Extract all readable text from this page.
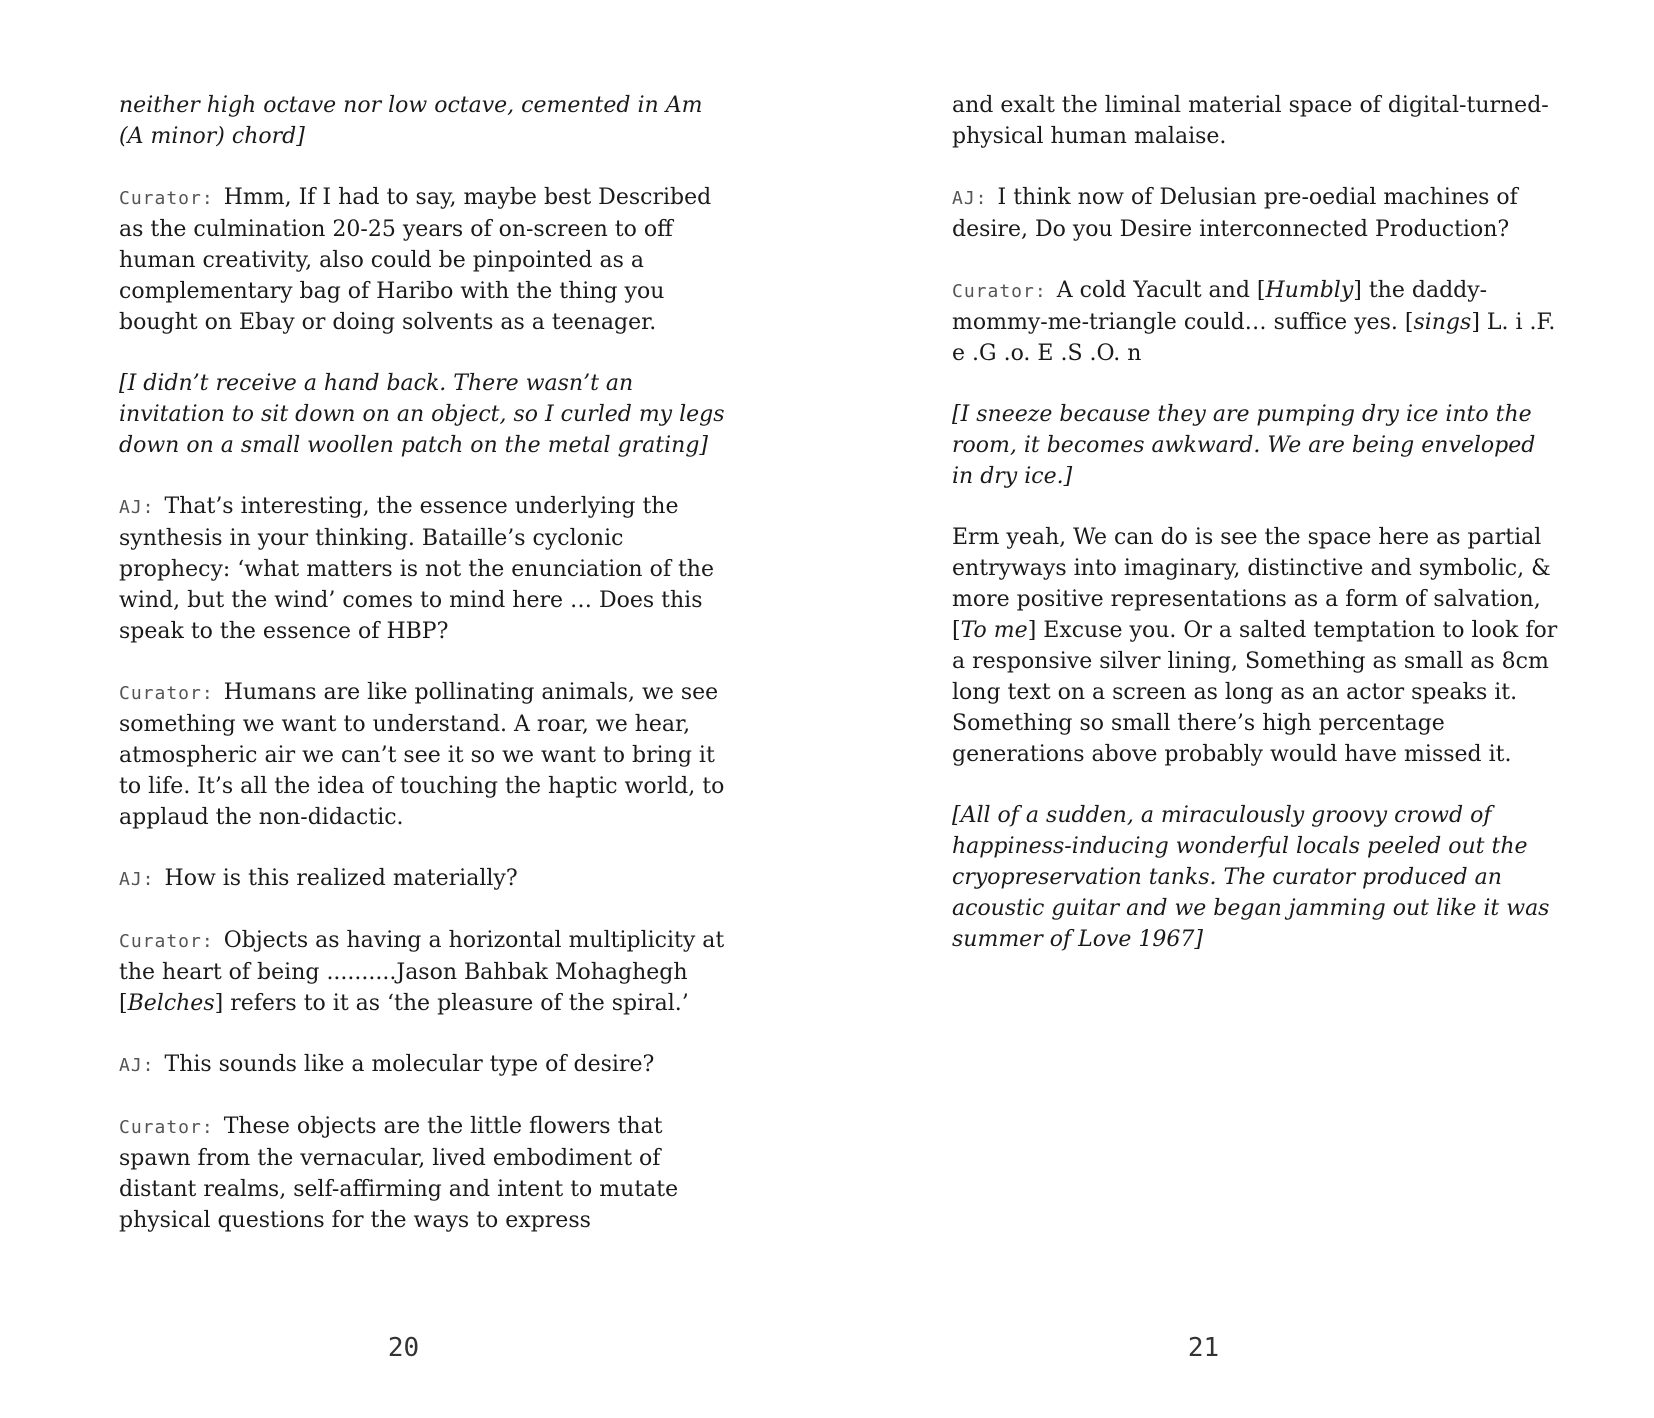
neither high octave nor low octave, cemented in Am (A minor) chord]

Curator: Hmm, If I had to say, maybe best Described as the culmination 20-25 years of on-screen to off human creativity, also could be pinpointed as a complementary bag of Haribo with the thing you bought on Ebay or doing solvents as a teenager.

[I didn’t receive a hand back. There wasn’t an invitation to sit down on an object, so I curled my legs down on a small woollen patch on the metal grating]

AJ: That’s interesting, the essence underlying the synthesis in your thinking. Bataille’s cyclonic prophecy: ‘what matters is not the enunciation of the wind, but the wind’ comes to mind here … Does this speak to the essence of HBP?

Curator: Humans are like pollinating animals, we see something we want to understand. A roar, we hear, atmospheric air we can’t see it so we want to bring it to life. It’s all the idea of touching the haptic world, to applaud the non-didactic.

AJ: How is this realized materially?

Curator: Objects as having a horizontal multiplicity at the heart of being ..........Jason Bahbak Mohaghegh [Belches] refers to it as ‘the pleasure of the spiral.’

AJ: This sounds like a molecular type of desire?

Curator: These objects are the little flowers that spawn from the vernacular, lived embodiment of distant realms, self-affirming and intent to mutate physical questions for the ways to express

20

and exalt the liminal material space of digital-turned-physical human malaise.

AJ: I think now of Delusian pre-oedial machines of desire, Do you Desire interconnected Production?

Curator: A cold Yacult and [Humbly] the daddy-mommy-me-triangle could… suffice yes. [sings] L. i .F. e .G .o. E .S .O. n

[I sneeze because they are pumping dry ice into the room, it becomes awkward. We are being enveloped in dry ice.]

Erm yeah, We can do is see the space here as partial entryways into imaginary, distinctive and symbolic, & more positive representations as a form of salvation, [To me] Excuse you. Or a salted temptation to look for a responsive silver lining, Something as small as 8cm long text on a screen as long as an actor speaks it. Something so small there’s high percentage generations above probably would have missed it.

[All of a sudden, a miraculously groovy crowd of happiness-inducing wonderful locals peeled out the cryopreservation tanks. The curator produced an acoustic guitar and we began jamming out like it was summer of Love 1967]

21
